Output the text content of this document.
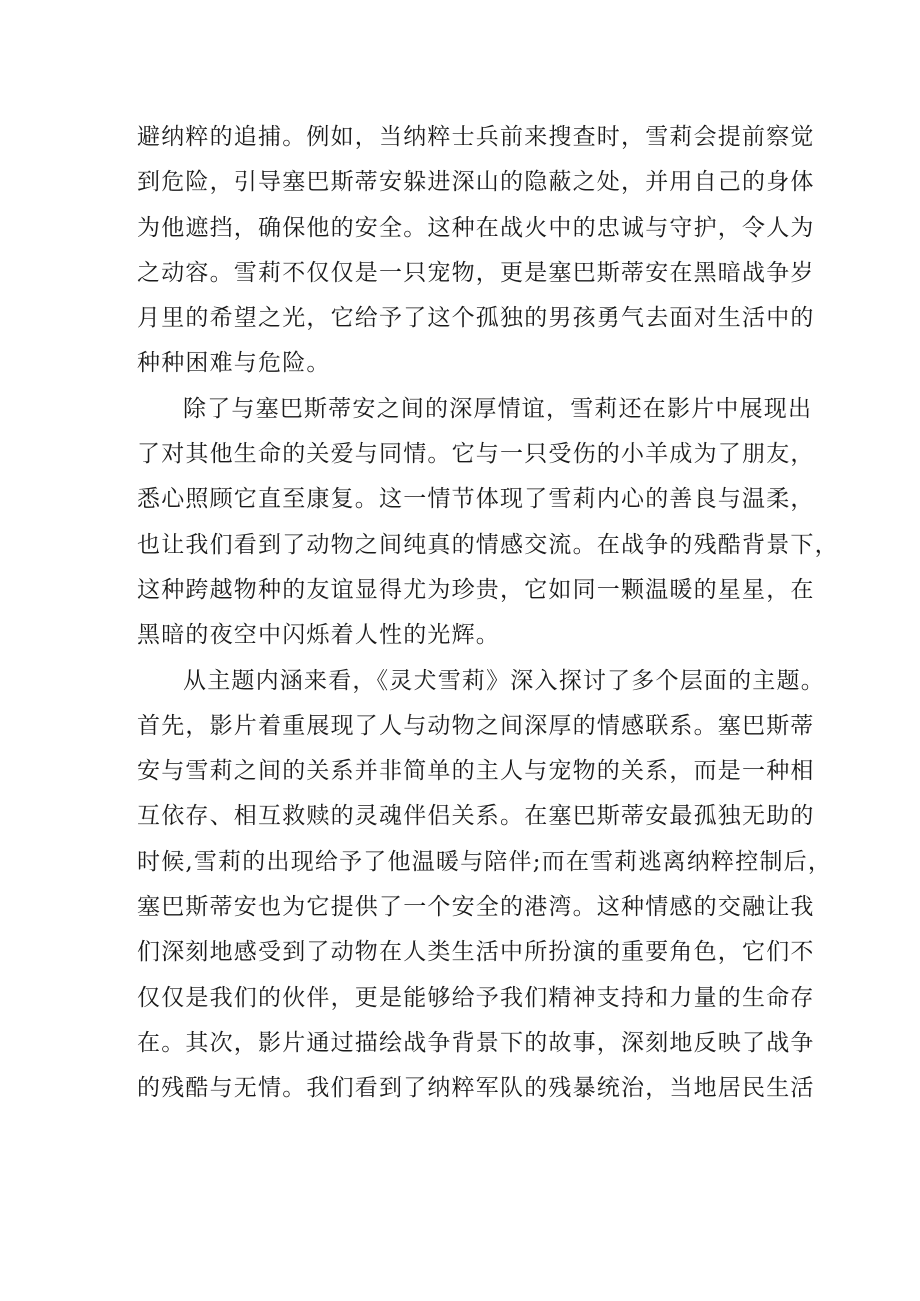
避纳粹的追捕。例如，当纳粹士兵前来搜查时，雪莉会提前察觉
到危险，引导塞巴斯蒂安躲进深山的隐蔽之处，并用自己的身体
为他遮挡，确保他的安全。这种在战火中的忠诚与守护，令人为
之动容。雪莉不仅仅是一只宠物，更是塞巴斯蒂安在黑暗战争岁
月里的希望之光，它给予了这个孤独的男孩勇气去面对生活中的
种种困难与危险。

除了与塞巴斯蒂安之间的深厚情谊，雪莉还在影片中展现出
了对其他生命的关爱与同情。它与一只受伤的小羊成为了朋友，
悉心照顾它直至康复。这一情节体现了雪莉内心的善良与温柔，
也让我们看到了动物之间纯真的情感交流。在战争的残酷背景下，
这种跨越物种的友谊显得尤为珍贵，它如同一颗温暖的星星，在
黑暗的夜空中闪烁着人性的光辉。

从主题内涵来看，《灵犬雪莉》深入探讨了多个层面的主题。
首先，影片着重展现了人与动物之间深厚的情感联系。塞巴斯蒂
安与雪莉之间的关系并非简单的主人与宠物的关系，而是一种相
互依存、相互救赎的灵魂伴侣关系。在塞巴斯蒂安最孤独无助的
时候,雪莉的出现给予了他温暖与陪伴;而在雪莉逃离纳粹控制后，
塞巴斯蒂安也为它提供了一个安全的港湾。这种情感的交融让我
们深刻地感受到了动物在人类生活中所扮演的重要角色，它们不
仅仅是我们的伙伴，更是能够给予我们精神支持和力量的生命存
在。其次，影片通过描绘战争背景下的故事，深刻地反映了战争
的残酷与无情。我们看到了纳粹军队的残暴统治，当地居民生活
